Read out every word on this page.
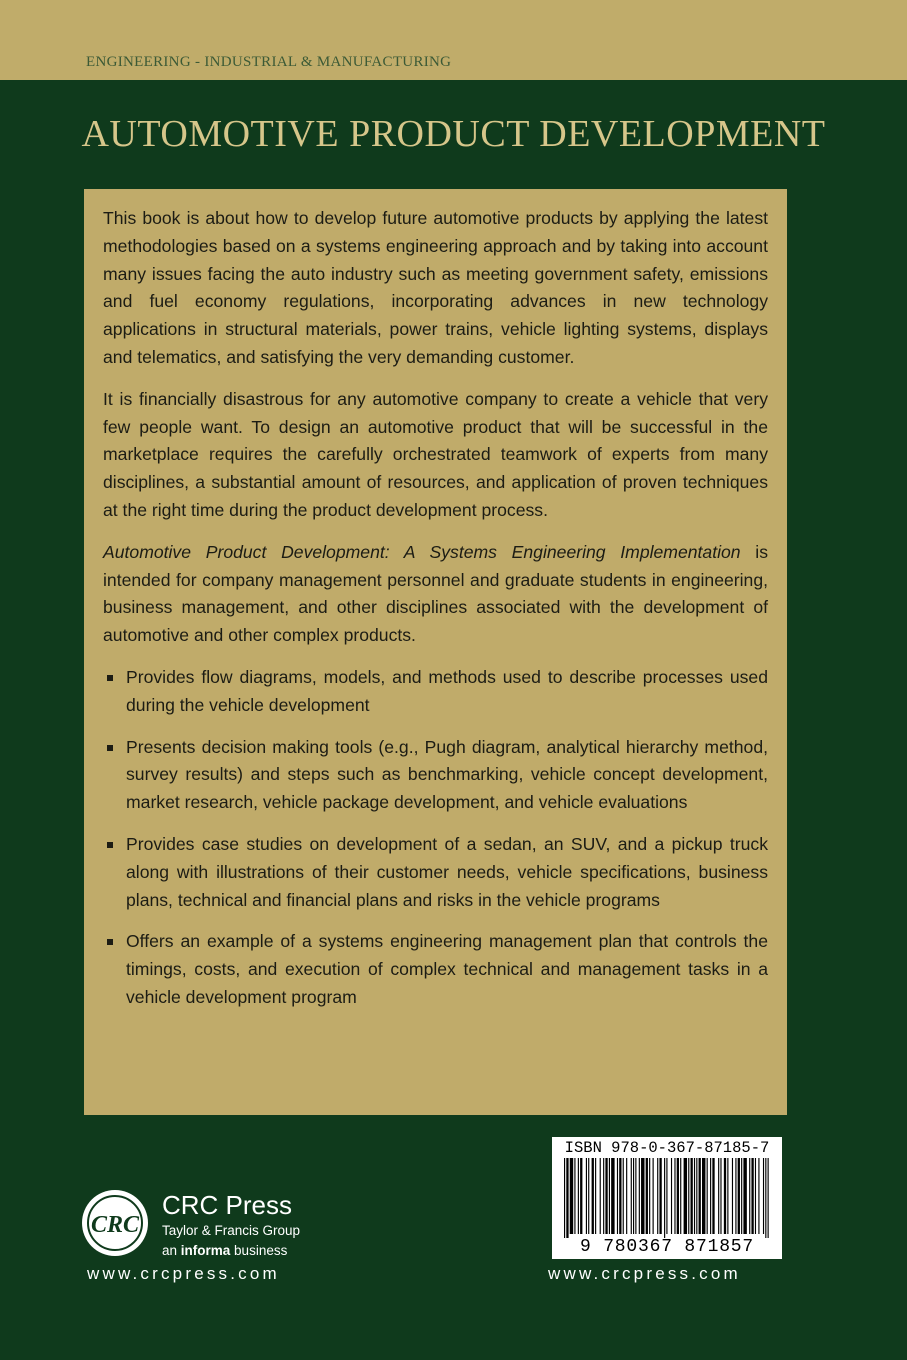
ENGINEERING - INDUSTRIAL & MANUFACTURING
AUTOMOTIVE PRODUCT DEVELOPMENT

This book is about how to develop future automotive products by applying the latest methodologies based on a systems engineering approach and by taking into account many issues facing the auto industry such as meeting government safety, emissions and fuel economy regulations, incorporating advances in new technology applications in structural materials, power trains, vehicle lighting systems, displays and telematics, and satisfying the very demanding customer.

It is financially disastrous for any automotive company to create a vehicle that very few people want. To design an automotive product that will be successful in the marketplace requires the carefully orchestrated teamwork of experts from many disciplines, a substantial amount of resources, and application of proven techniques at the right time during the product development process.

Automotive Product Development: A Systems Engineering Implementation is intended for company management personnel and graduate students in engineering, business management, and other disciplines associated with the development of automotive and other complex products.

Provides flow diagrams, models, and methods used to describe processes used during the vehicle development
Presents decision making tools (e.g., Pugh diagram, analytical hierarchy method, survey results) and steps such as benchmarking, vehicle concept development, market research, vehicle package development, and vehicle evaluations
Provides case studies on development of a sedan, an SUV, and a pickup truck along with illustrations of their customer needs, vehicle specifications, business plans, technical and financial plans and risks in the vehicle programs
Offers an example of a systems engineering management plan that controls the timings, costs, and execution of complex technical and management tasks in a vehicle development program
CRC
CRC Press
Taylor & Francis Group
an informa business
www.crcpress.com
ISBN 978-0-367-87185-7
9 780367 871857
www.crcpress.com
